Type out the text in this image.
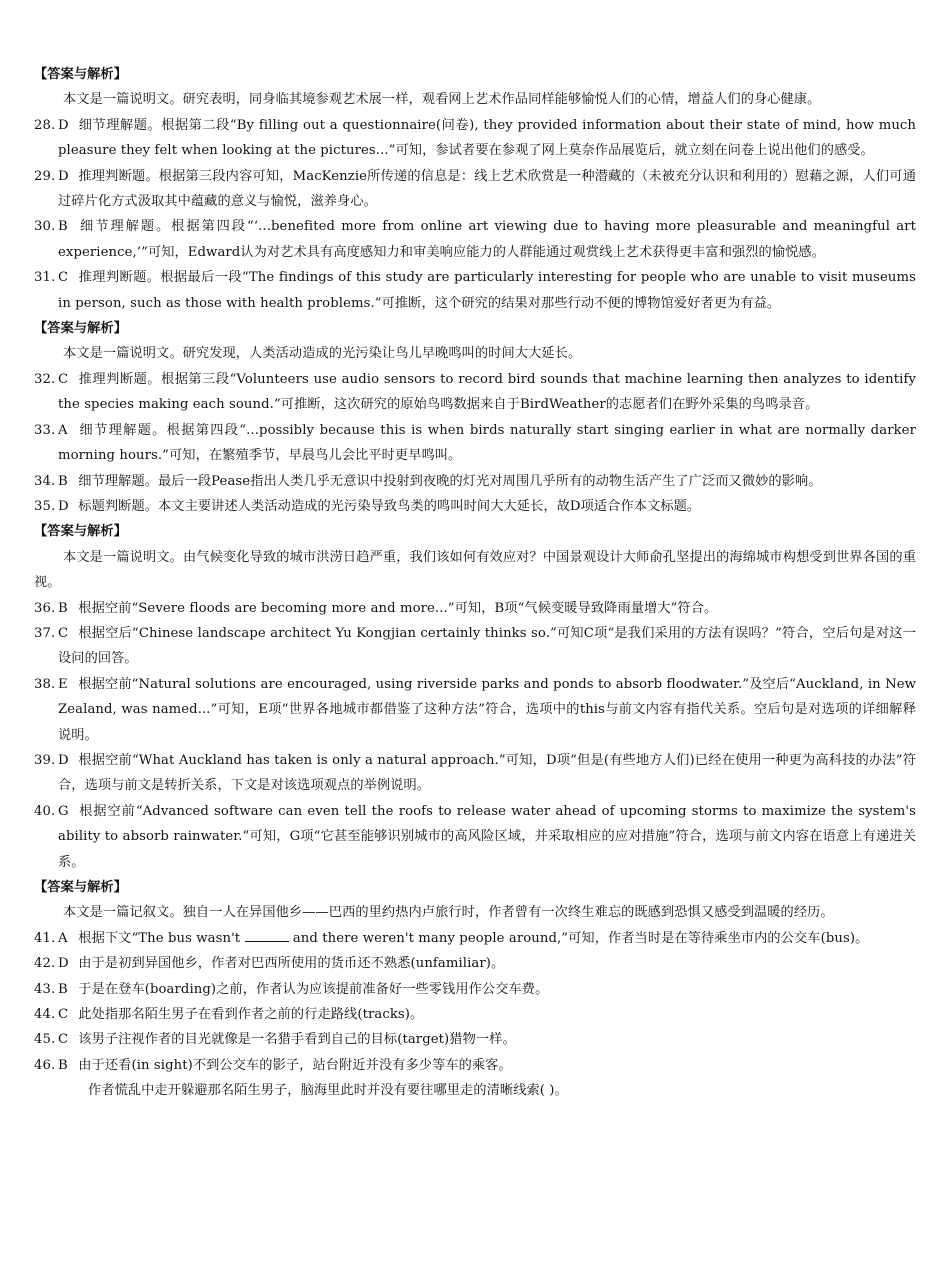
【答案与解析】
本文是一篇说明文。研究表明，同身临其境参观艺术展一样，观看网上艺术作品同样能够愉悦人们的心情，增益人们的身心健康。
28. D 细节理解题。根据第二段“By filling out a questionnaire(问卷), they provided information about their state of mind, how much pleasure they felt when looking at the pictures...”可知，参试者要在参观了网上莫奈作品展览后，就立刻在问卷上说出他们的感受。
29. D 推理判断题。根据第三段内容可知，MacKenzie所传递的信息是：线上艺术欣赏是一种潜藏的（未被充分认识和利用的）慰藉之源，人们可通过碎片化方式汲取其中蕴藏的意义与愉悦，滋养身心。
30. B 细节理解题。根据第四段“‘...benefited more from online art viewing due to having more pleasurable and meaningful art experience,’”可知，Edward认为对艺术具有高度感知力和审美响应能力的人群能通过观赏线上艺术获得更丰富和强烈的愉悦感。
31. C 推理判断题。根据最后一段“The findings of this study are particularly interesting for people who are unable to visit museums in person, such as those with health problems.”可推断，这个研究的结果对那些行动不便的博物馆爱好者更为有益。
【答案与解析】
本文是一篇说明文。研究发现，人类活动造成的光污染让鸟儿早晚鸣叫的时间大大延长。
32. C 推理判断题。根据第三段“Volunteers use audio sensors to record bird sounds that machine learning then analyzes to identify the species making each sound.”可推断，这次研究的原始鸟鸣数据来自于BirdWeather的志愿者们在野外采集的鸟鸣录音。
33. A 细节理解题。根据第四段“...possibly because this is when birds naturally start singing earlier in what are normally darker morning hours.”可知，在繁殖季节，早晨鸟儿会比平时更早鸣叫。
34. B 细节理解题。最后一段Pease指出人类几乎无意识中投射到夜晚的灯光对周围几乎所有的动物生活产生了广泛而又微妙的影响。
35. D 标题判断题。本文主要讲述人类活动造成的光污染导致鸟类的鸣叫时间大大延长，故D项适合作本文标题。
【答案与解析】
本文是一篇说明文。由气候变化导致的城市洪涝日趋严重，我们该如何有效应对？中国景观设计大师俞孔坚提出的海绵城市构想受到世界各国的重视。
36. B 根据空前“Severe floods are becoming more and more...”可知，B项“气候变暖导致降雨量增大”符合。
37. C 根据空后“Chinese landscape architect Yu Kongjian certainly thinks so.”可知C项“是我们采用的方法有误吗？”符合，空后句是对这一设问的回答。
38. E 根据空前“Natural solutions are encouraged, using riverside parks and ponds to absorb floodwater.”及空后“Auckland, in New Zealand, was named...”可知，E项“世界各地城市都借鉴了这种方法”符合，选项中的this与前文内容有指代关系。空后句是对选项的详细解释说明。
39. D 根据空前“What Auckland has taken is only a natural approach.”可知，D项“但是(有些地方人们)已经在使用一种更为高科技的办法”符合，选项与前文是转折关系，下文是对该选项观点的举例说明。
40. G 根据空前“Advanced software can even tell the roofs to release water ahead of upcoming storms to maximize the system's ability to absorb rainwater.”可知，G项“它甚至能够识别城市的高风险区域，并采取相应的应对措施”符合，选项与前文内容在语意上有递进关系。
【答案与解析】
本文是一篇记叙文。独自一人在异国他乡——巴西的里约热内卢旅行时，作者曾有一次终生难忘的既感到恐惧又感受到温暖的经历。
41. A 根据下文“The bus wasn't	and there weren't many people around,”可知，作者当时是在等待乘坐市内的公交车(bus)。
42. D 由于是初到异国他乡，作者对巴西所使用的货币还不熟悉(unfamiliar)。
43. B 于是在登车(boarding)之前，作者认为应该提前准备好一些零钱用作公交车费。
44. C 此处指那名陌生男子在看到作者之前的行走路线(tracks)。
45. C 该男子注视作者的目光就像是一名猎手看到自己的目标(target)猎物一样。
46. B 由于还看(in sight)不到公交车的影子，站台附近并没有多少等车的乘客。
作者慌乱中走开躲避那名陌生男子，脑海里此时并没有要往哪里走的清晰线索( )。
